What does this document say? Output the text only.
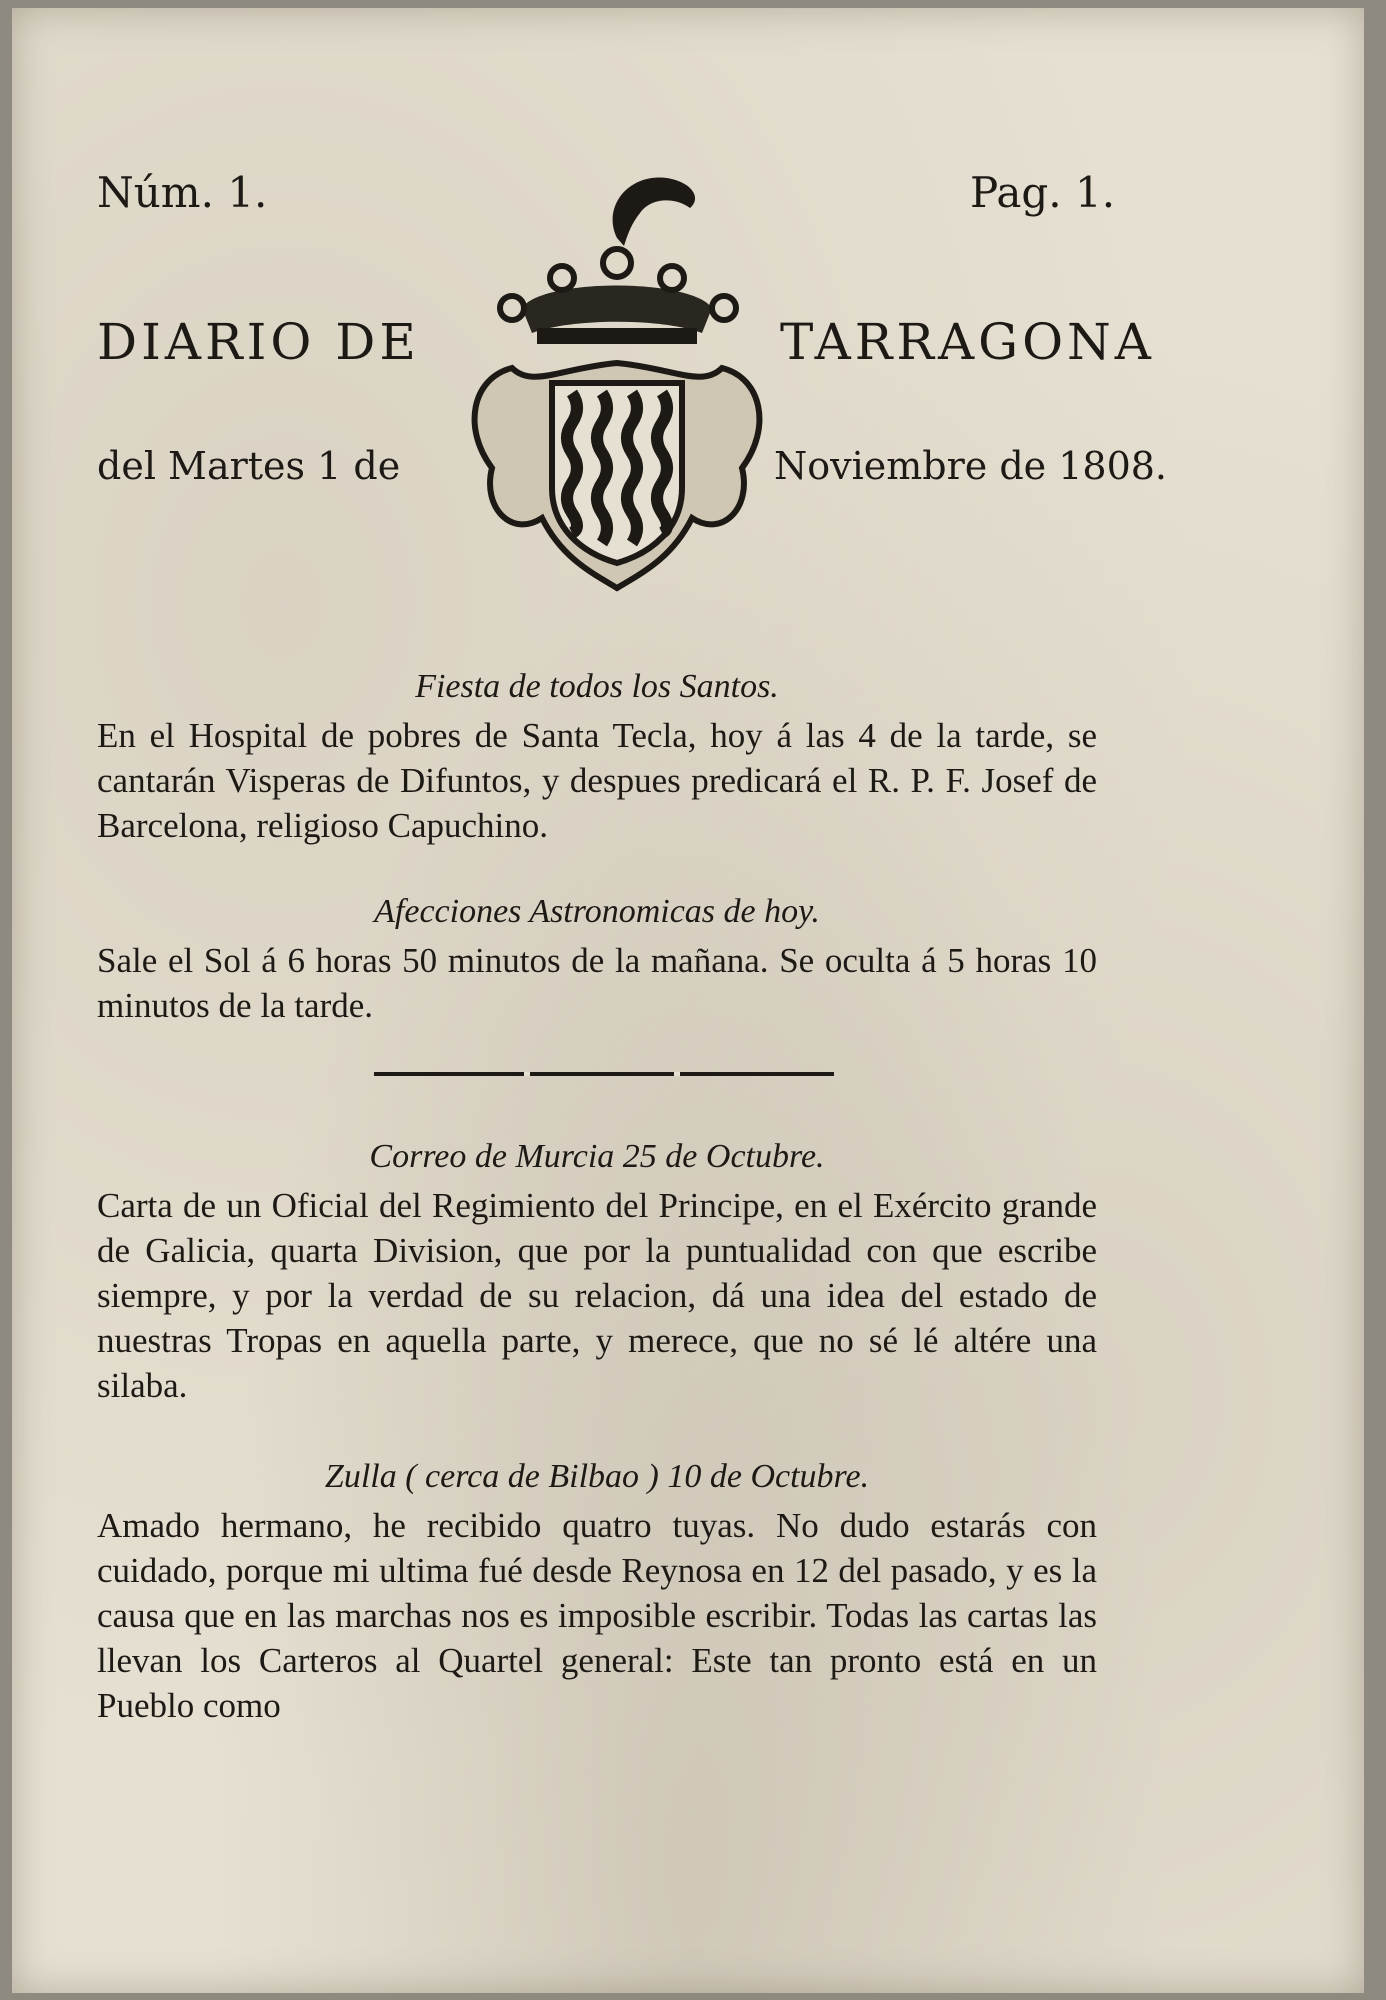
Núm. 1.	Pag. 1.
DIARIO DE	TARRAGONA
del Martes 1 de	Noviembre de 1808.
Fiesta de todos los Santos.

En el Hospital de pobres de Santa Tecla, hoy á las 4 de la tarde, se cantarán Visperas de Difuntos, y despues predicará el R. P. F. Josef de Barcelona, religioso Capuchino.

Afecciones Astronomicas de hoy.

Sale el Sol á 6 horas 50 minutos de la mañana. Se oculta á 5 horas 10 minutos de la tarde.

Correo de Murcia 25 de Octubre.

Carta de un Oficial del Regimiento del Principe, en el Exército grande de Galicia, quarta Division, que por la puntualidad con que escribe siempre, y por la verdad de su relacion, dá una idea del estado de nuestras Tropas en aquella parte, y merece, que no sé lé altére una silaba.

Zulla ( cerca de Bilbao ) 10 de Octubre.

Amado hermano, he recibido quatro tuyas. No dudo estarás con cuidado, porque mi ultima fué desde Reynosa en 12 del pasado, y es la causa que en las marchas nos es imposible escribir. Todas las cartas las llevan los Carteros al Quartel general: Este tan pronto está en un Pueblo como
